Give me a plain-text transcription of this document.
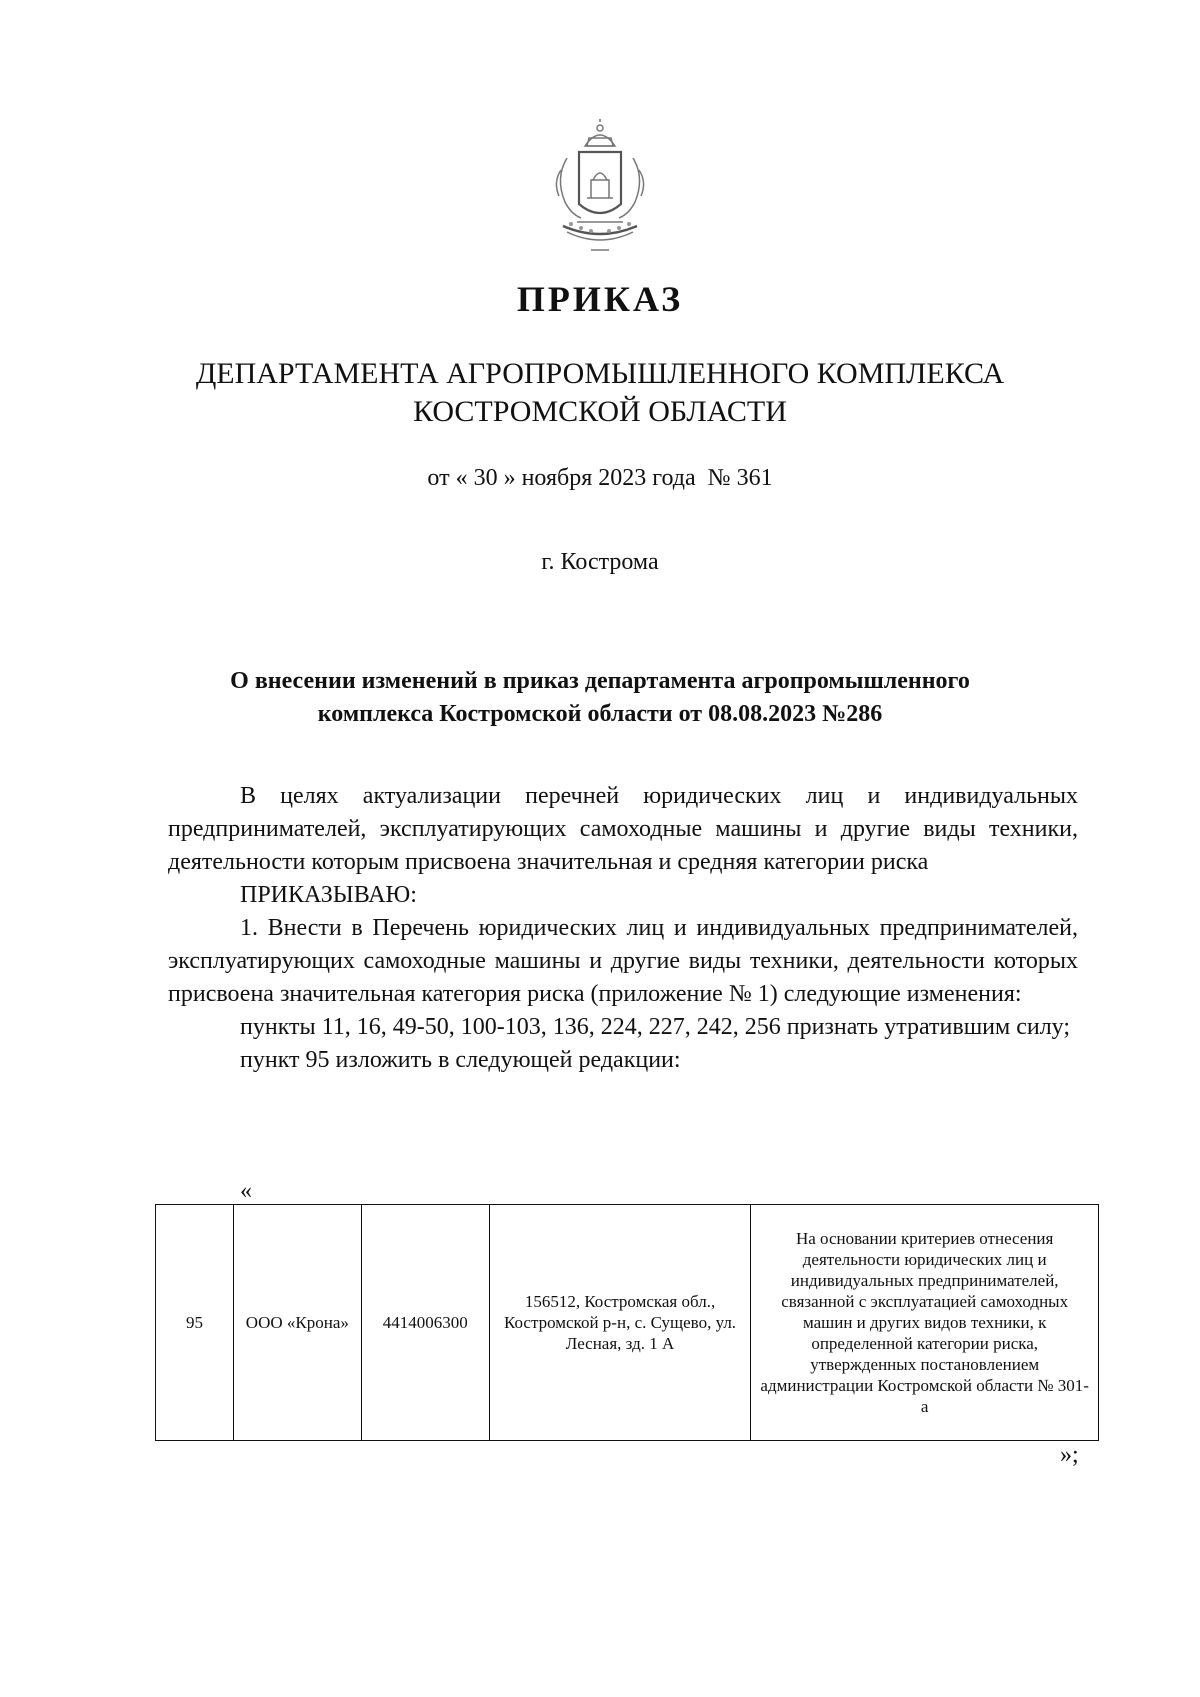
ПРИКАЗ
ДЕПАРТАМЕНТА АГРОПРОМЫШЛЕННОГО КОМПЛЕКСА
КОСТРОМСКОЙ ОБЛАСТИ
от « 30 » ноября 2023 года  № 361
г. Кострома
О внесении изменений в приказ департамента агропромышленного
комплекса Костромской области от 08.08.2023 №286

В целях актуализации перечней юридических лиц и индивидуальных предпринимателей, эксплуатирующих самоходные машины и другие виды техники, деятельности которым присвоена значительная и средняя категории риска

ПРИКАЗЫВАЮ:

1. Внести в Перечень юридических лиц и индивидуальных предпринимателей, эксплуатирующих самоходные машины и другие виды техники, деятельности которых присвоена значительная категория риска (приложение № 1) следующие изменения:

пункты 11, 16, 49-50, 100-103, 136, 224, 227, 242, 256 признать утратившим силу;

пункт 95 изложить в следующей редакции:

«
95	ООО «Крона»	4414006300	156512, Костромская обл., Костромской р-н, с. Сущево, ул. Лесная, зд. 1 А	На основании критериев отнесения деятельности юридических лиц и индивидуальных предпринимателей, связанной с эксплуатацией самоходных машин и других видов техники, к определенной категории риска, утвержденных постановлением администрации Костромской области № 301-а
»;
